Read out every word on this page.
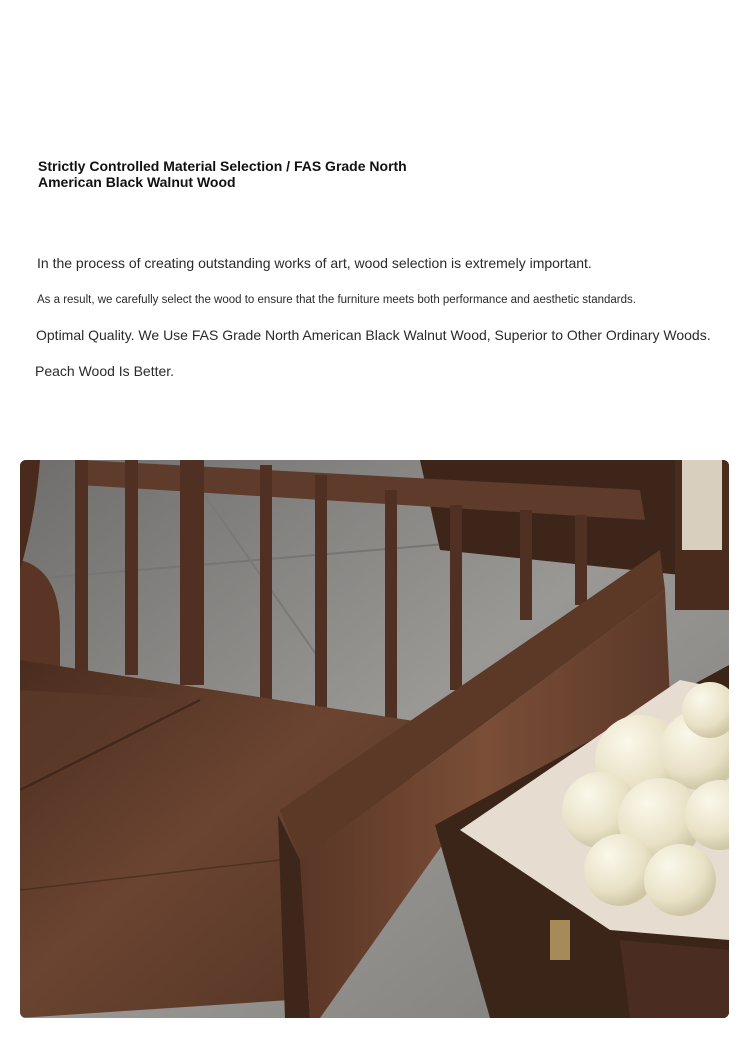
Strictly Controlled Material Selection / FAS Grade North American Black Walnut Wood

In the process of creating outstanding works of art, wood selection is extremely important.

As a result, we carefully select the wood to ensure that the furniture meets both performance and aesthetic standards.

Optimal Quality. We Use FAS Grade North American Black Walnut Wood, Superior to Other Ordinary Woods.

Peach Wood Is Better.
